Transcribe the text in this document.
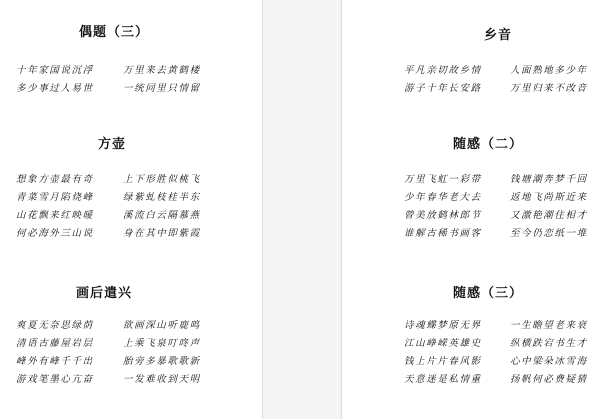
偶题（三）
十年家国说沉浮	万里来去黄鹤楼
多少事过人易世	一统同里只情留
方壶
想象方壶最有奇	上下形胜似桃飞
青菜雪月陷烧峰	绿紫虬枝桂半东
山花飘来红映暖	溪流白云隔慕燕
何必海外三山说	身在其中即紫霞
画后遣兴
爽夏无奈思绿荫	欲画深山听鹿鸣
清语古藤屋岩层	上乘飞泉叮咚声
峰外有峰千千出	胎旁多暴歌歌新
游戏笔墨心亢奋	一发难收到天明
乡音
平凡亲切故乡情	人面熟地多少年
游子十年长安路	万里归来不改音
随感（二）
万里飞虹一彩带	钱塘潮奔梦千回
少年春华老大去	返地飞尚斯近来
曾美放鹤林郎节	又激艳潮住相才
谁解古稀书画客	至今仍恋纸一堆
随感（三）
诗魂蝶梦原无界	一生瞻望老来衰
江山峥嵘英雄史	纵横跌宕书生才
钱上片片春风影	心中梁朵冰雪海
天意迷是私情重	扬帆何必费疑猜
